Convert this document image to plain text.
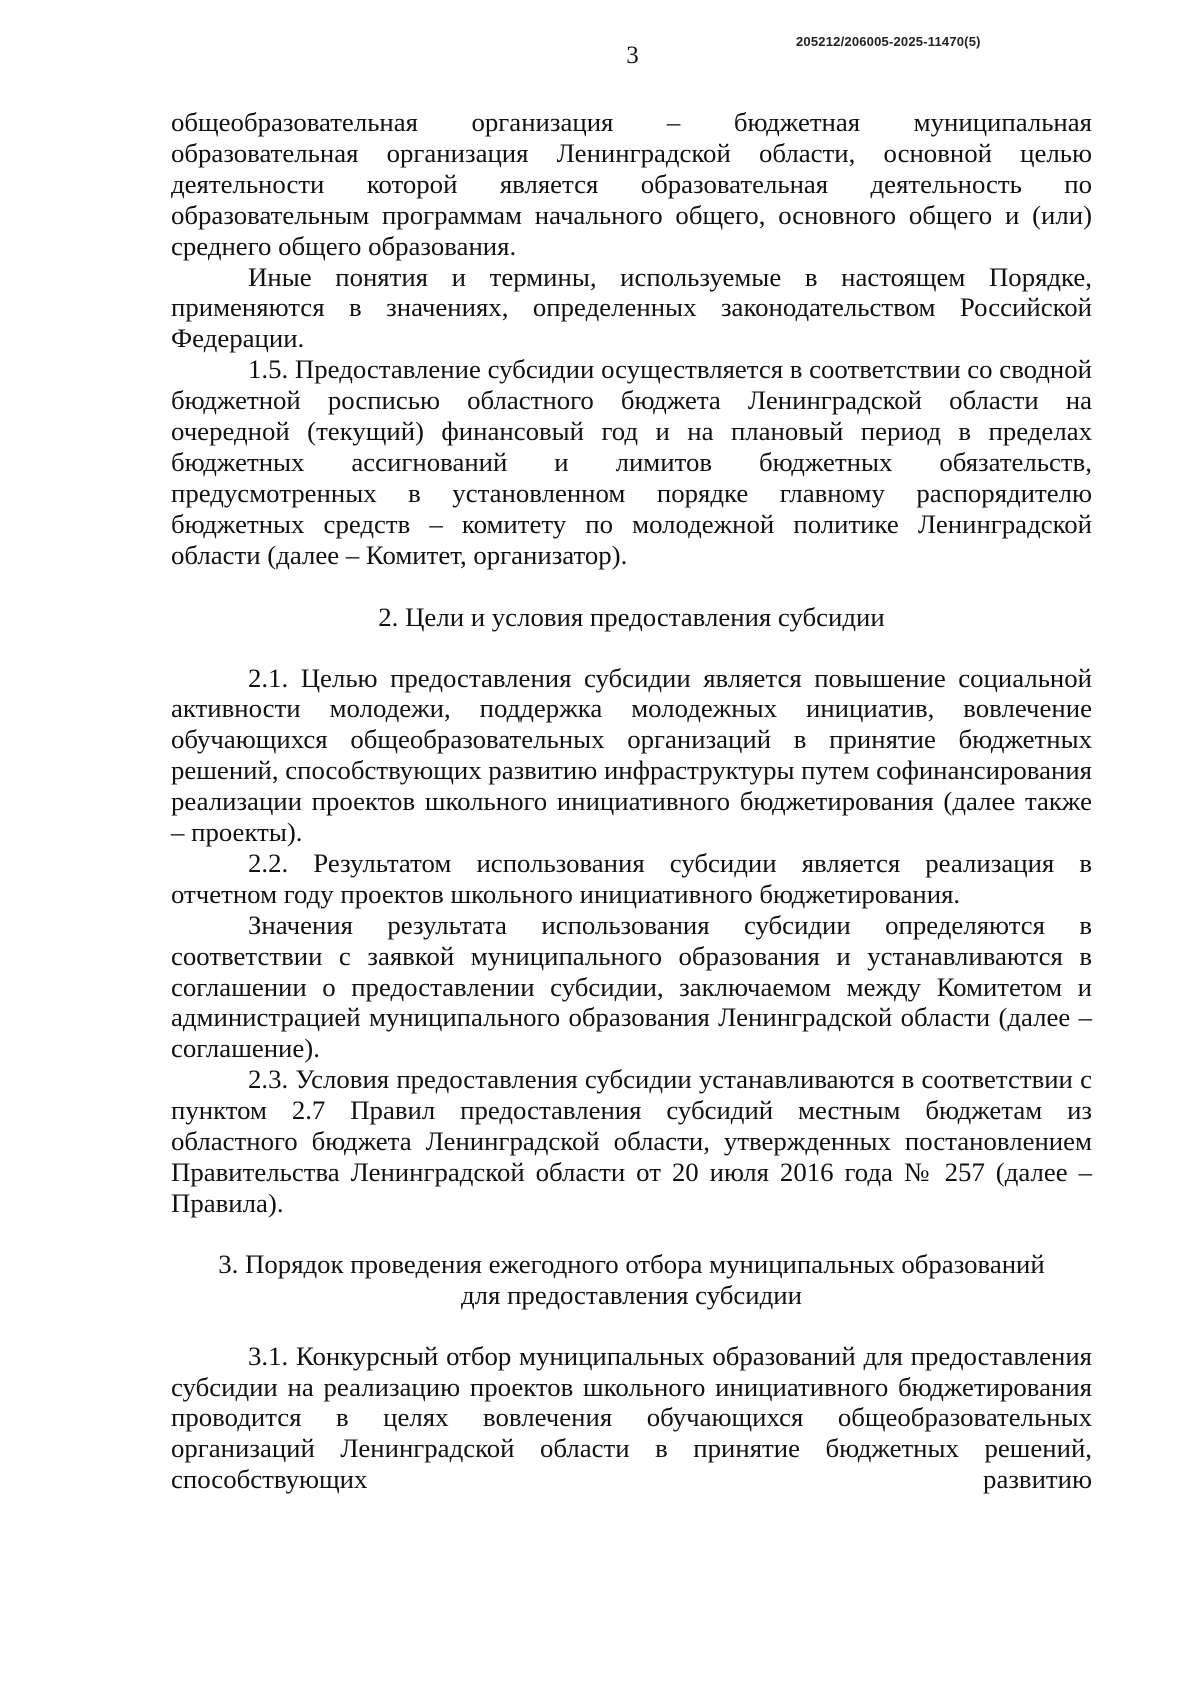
205212/206005-2025-11470(5)
3

общеобразовательная организация – бюджетная муниципальная образовательная организация Ленинградской области, основной целью деятельности которой является образовательная деятельность по образовательным программам начального общего, основного общего и (или) среднего общего образования.

Иные понятия и термины, используемые в настоящем Порядке, применяются в значениях, определенных законодательством Российской Федерации.

1.5. Предоставление субсидии осуществляется в соответствии со сводной бюджетной росписью областного бюджета Ленинградской области на очередной (текущий) финансовый год и на плановый период в пределах бюджетных ассигнований и лимитов бюджетных обязательств, предусмотренных в установленном порядке главному распорядителю бюджетных средств – комитету по молодежной политике Ленинградской области (далее – Комитет, организатор).

2. Цели и условия предоставления субсидии

2.1. Целью предоставления субсидии является повышение социальной активности молодежи, поддержка молодежных инициатив, вовлечение обучающихся общеобразовательных организаций в принятие бюджетных решений, способствующих развитию инфраструктуры путем софинансирования реализации проектов школьного инициативного бюджетирования (далее также – проекты).

2.2. Результатом использования субсидии является реализация в отчетном году проектов школьного инициативного бюджетирования.

Значения результата использования субсидии определяются в соответствии с заявкой муниципального образования и устанавливаются в соглашении о предоставлении субсидии, заключаемом между Комитетом и администрацией муниципального образования Ленинградской области (далее – соглашение).

2.3. Условия предоставления субсидии устанавливаются в соответствии с пунктом 2.7 Правил предоставления субсидий местным бюджетам из областного бюджета Ленинградской области, утвержденных постановлением Правительства Ленинградской области от 20 июля 2016 года № 257 (далее – Правила).

3. Порядок проведения ежегодного отбора муниципальных образований
для предоставления субсидии

3.1. Конкурсный отбор муниципальных образований для предоставления субсидии на реализацию проектов школьного инициативного бюджетирования проводится в целях вовлечения обучающихся общеобразовательных организаций Ленинградской области в принятие бюджетных решений, способствующих развитию
